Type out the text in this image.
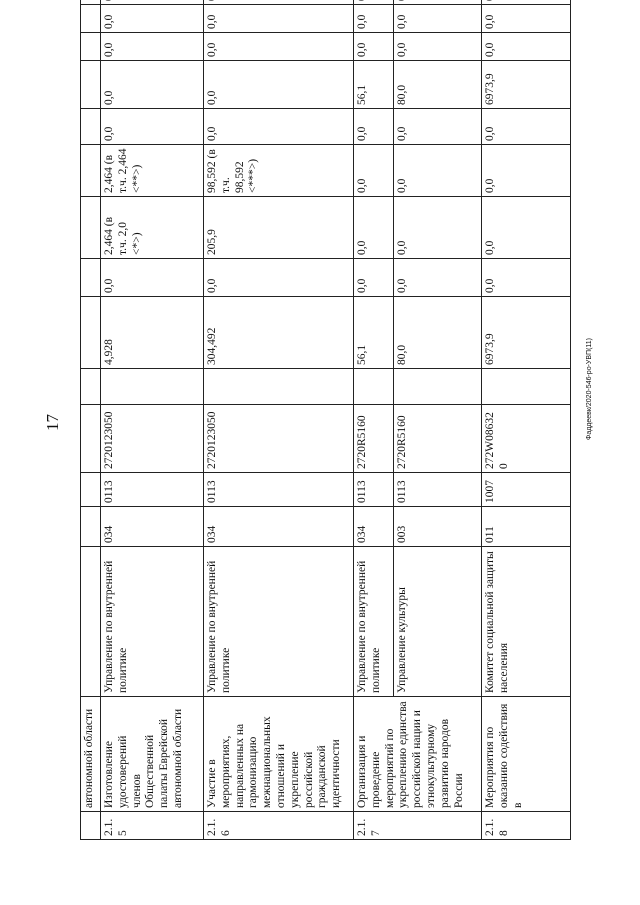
17	Фаддеевк/2020-546-ро-УВП(11)
	автономной области															
2.1.5	Изготовление удостоверений членов Общественной палаты Еврейской автономной области	Управление по внутренней политике	034	0113	2720123050		4,928	0,0	2,464 (в т.ч. 2,0 <*>)	2,464 (в т.ч. 2,464 <**>)	0,0	0,0	0,0	0,0		
2.1.6	Участие в мероприятиях, направленных на гармонизацию межнациональных отношений и укрепление российской гражданской идентичности	Управление по внутренней политике	034	0113	2720123050		304,492	0,0	205,9	98,592 (в т.ч. 98,592 <***>)	0,0	0,0	0,0	0,0		
2.1.7	Организация и проведение мероприятий по укреплению единства российской нации и этнокультурному развитию народов России	Управление по внутренней политике	034	0113	2720R5160		56,1	0,0	0,0	0,0	0,0	56,1	0,0	0,0		
		Управление культуры	003	0113	2720R5160		80,0	0,0	0,0	0,0	0,0	80,0	0,0	0,0		
2.1.8	Мероприятия по оказанию содействия в	Комитет социальной защиты населения	011	1007	272W086320		6973,9	0,0	0,0	0,0	0,0	6973,9	0,0	0,0		
